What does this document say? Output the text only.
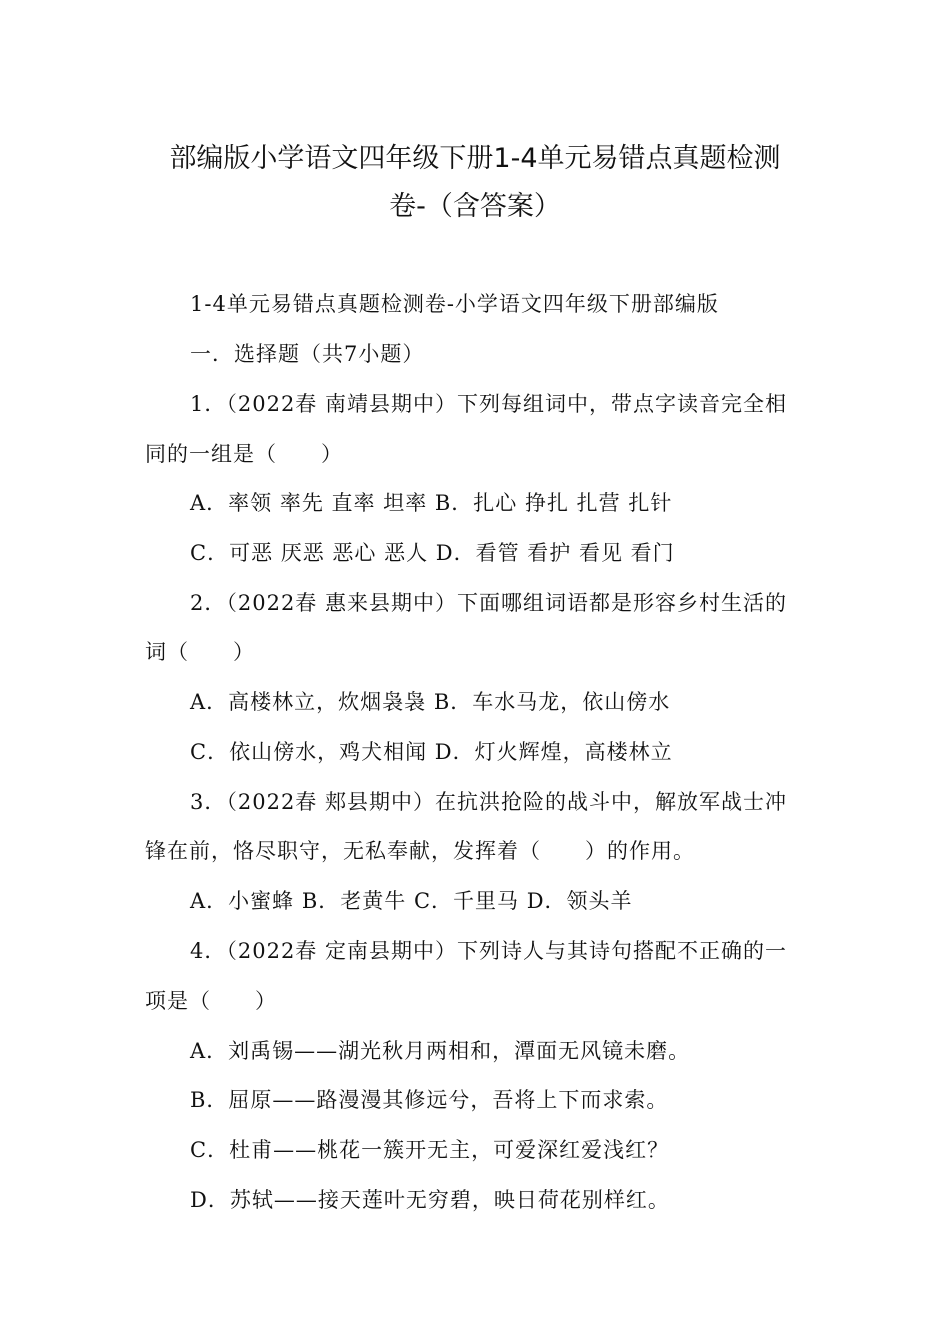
部编版小学语文四年级下册1-4单元易错点真题检测
卷-（含答案）
1-4单元易错点真题检测卷-小学语文四年级下册部编版
一．选择题（共7小题）
1．（2022春 南靖县期中）下列每组词中，带点字读音完全相
同的一组是（　　）
A．率领 率先 直率 坦率 B．扎心 挣扎 扎营 扎针
C．可恶 厌恶 恶心 恶人 D．看管 看护 看见 看门
2．（2022春 惠来县期中）下面哪组词语都是形容乡村生活的
词（　　）
A．高楼林立，炊烟袅袅 B．车水马龙，依山傍水
C．依山傍水，鸡犬相闻 D．灯火辉煌，高楼林立
3．（2022春 郏县期中）在抗洪抢险的战斗中，解放军战士冲
锋在前，恪尽职守，无私奉献，发挥着（　　）的作用。
A．小蜜蜂 B．老黄牛 C．千里马 D．领头羊
4．（2022春 定南县期中）下列诗人与其诗句搭配不正确的一
项是（　　）
A．刘禹锡——湖光秋月两相和，潭面无风镜未磨。
B．屈原——路漫漫其修远兮，吾将上下而求索。
C．杜甫——桃花一簇开无主，可爱深红爱浅红？
D．苏轼——接天莲叶无穷碧，映日荷花别样红。
